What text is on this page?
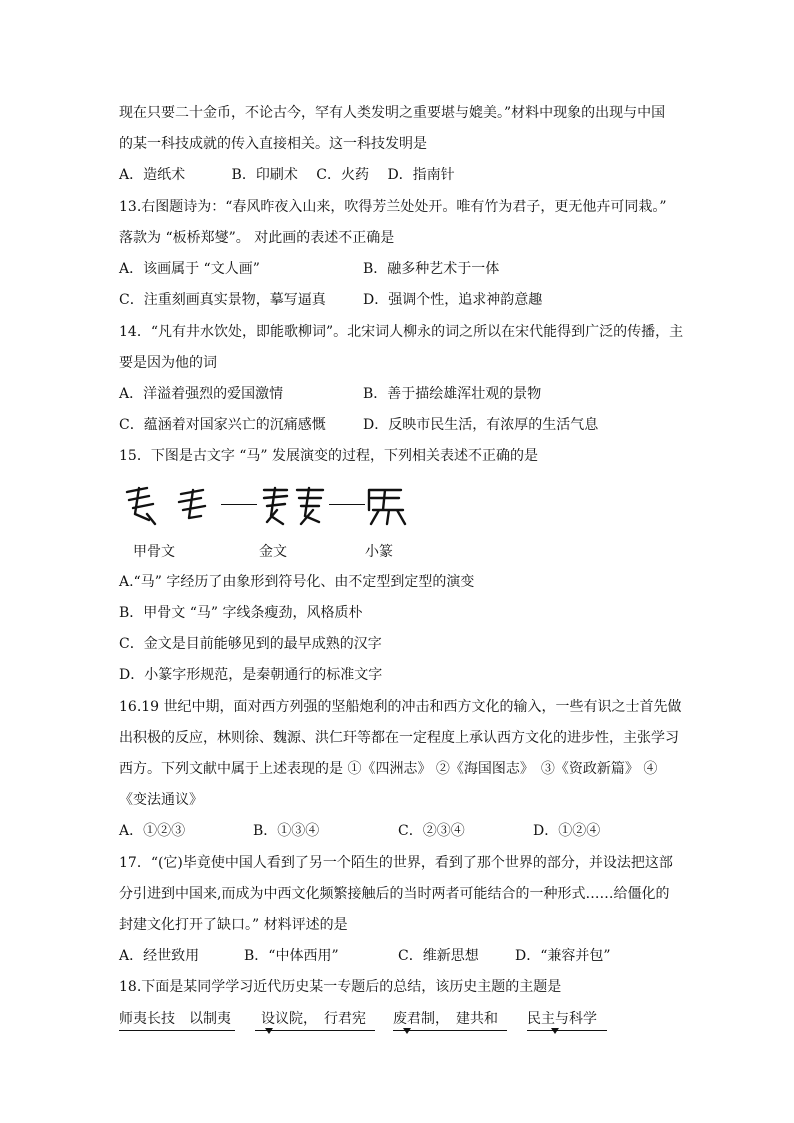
现在只要二十金币，不论古今，罕有人类发明之重要堪与媲美。”材料中现象的出现与中国
的某一科技成就的传入直接相关。这一科技发明是
A．造纸术　　　 B．印刷术　 C．火药　 D．指南针
13.右图题诗为：“春风昨夜入山来，吹得芳兰处处开。唯有竹为君子，更无他卉可同栽。”
落款为 “板桥郑燮”。 对此画的表述不正确是
A．该画属于 “文人画”	B．融多种艺术于一体
C．注重刻画真实景物，摹写逼真	D．强调个性，追求神韵意趣
14．“凡有井水饮处，即能歌柳词”。北宋词人柳永的词之所以在宋代能得到广泛的传播，主
要是因为他的词
A．洋溢着强烈的爱国激情	B．善于描绘雄浑壮观的景物
C．蕴涵着对国家兴亡的沉痛感慨	D．反映市民生活，有浓厚的生活气息
15．下图是古文字 “马” 发展演变的过程，下列相关表述不正确的是
甲骨文	金文	小篆
A.“马” 字经历了由象形到符号化、由不定型到定型的演变
B．甲骨文 “马” 字线条瘦劲，风格质朴
C．金文是目前能够见到的最早成熟的汉字
D．小篆字形规范，是秦朝通行的标准文字
16.19 世纪中期，面对西方列强的坚船炮利的冲击和西方文化的输入，一些有识之士首先做
出积极的反应，林则徐、魏源、洪仁玕等都在一定程度上承认西方文化的进步性，主张学习
西方。下列文献中属于上述表现的是 ①《四洲志》 ②《海国图志》　③《资政新篇》 ④
《变法通议》
A．①②③	B．①③④	C．②③④	D．①②④
17．“(它)毕竟使中国人看到了另一个陌生的世界，看到了那个世界的部分，并设法把这部
分引进到中国来,而成为中西文化频繁接触后的当时两者可能结合的一种形式……给僵化的
封建文化打开了缺口。” 材料评述的是
A．经世致用	B．“中体西用”	C．维新思想	D．“兼容并包”
18.下面是某同学学习近代历史某一专题后的总结，该历史主题的主题是
师夷长技　以制夷	设议院，　行君宪	废君制，　建共和	民主与科学
